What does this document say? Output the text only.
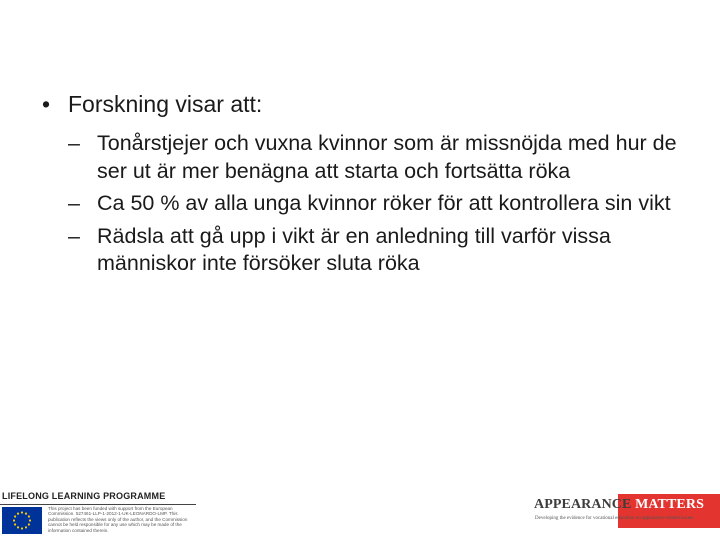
• Forskning visar att:
– Tonårstjejer och vuxna kvinnor som är missnöjda med hur de ser ut är mer benägna att starta och fortsätta röka
– Ca 50 % av alla unga kvinnor röker för att kontrollera sin vikt
– Rädsla att gå upp i vikt är en anledning till varför vissa människor inte försöker sluta röka
LIFELONG LEARNING PROGRAMME
This project has been funded with support from the European Commission. 527461-LLP-1-2012-1-UK-LEONARDO-LMP. This publication reflects the views only of the author, and the Commission cannot be held responsible for any use which may be made of the information contained therein.
APPEARANCE MATTERS
Developing the evidence for vocational education on appearance-related issues
